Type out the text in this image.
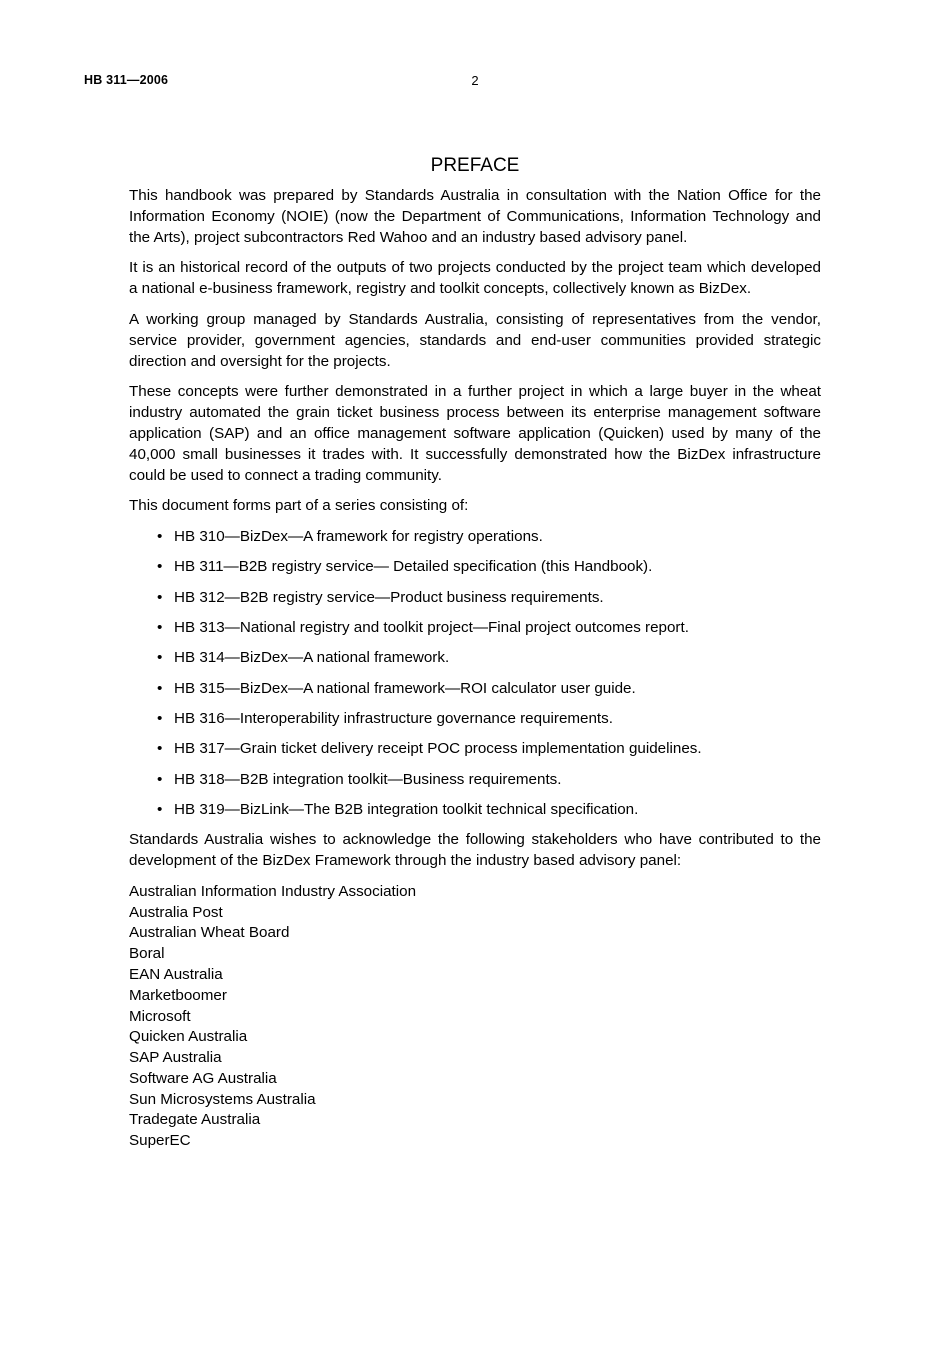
HB 311—2006	2
PREFACE

This handbook was prepared by Standards Australia in consultation with the Nation Office for the Information Economy (NOIE) (now the Department of Communications, Information Technology and the Arts), project subcontractors Red Wahoo and an industry based advisory panel.

It is an historical record of the outputs of two projects conducted by the project team which developed a national e-business framework, registry and toolkit concepts, collectively known as BizDex.

A working group managed by Standards Australia, consisting of representatives from the vendor, service provider, government agencies, standards and end-user communities provided strategic direction and oversight for the projects.

These concepts were further demonstrated in a further project in which a large buyer in the wheat industry automated the grain ticket business process between its enterprise management software application (SAP) and an office management software application (Quicken) used by many of the 40,000 small businesses it trades with. It successfully demonstrated how the BizDex infrastructure could be used to connect a trading community.

This document forms part of a series consisting of:

• HB 310—BizDex—A framework for registry operations.
• HB 311—B2B registry service— Detailed specification (this Handbook).
• HB 312—B2B registry service—Product business requirements.
• HB 313—National registry and toolkit project—Final project outcomes report.
• HB 314—BizDex—A national framework.
• HB 315—BizDex—A national framework—ROI calculator user guide.
• HB 316—Interoperability infrastructure governance requirements.
• HB 317—Grain ticket delivery receipt POC process implementation guidelines.
• HB 318—B2B integration toolkit—Business requirements.
• HB 319—BizLink—The B2B integration toolkit technical specification.

Standards Australia wishes to acknowledge the following stakeholders who have contributed to the development of the BizDex Framework through the industry based advisory panel:

Australian Information Industry Association
Australia Post
Australian Wheat Board
Boral
EAN Australia
Marketboomer
Microsoft
Quicken Australia
SAP Australia
Software AG Australia
Sun Microsystems Australia
Tradegate Australia
SuperEC
